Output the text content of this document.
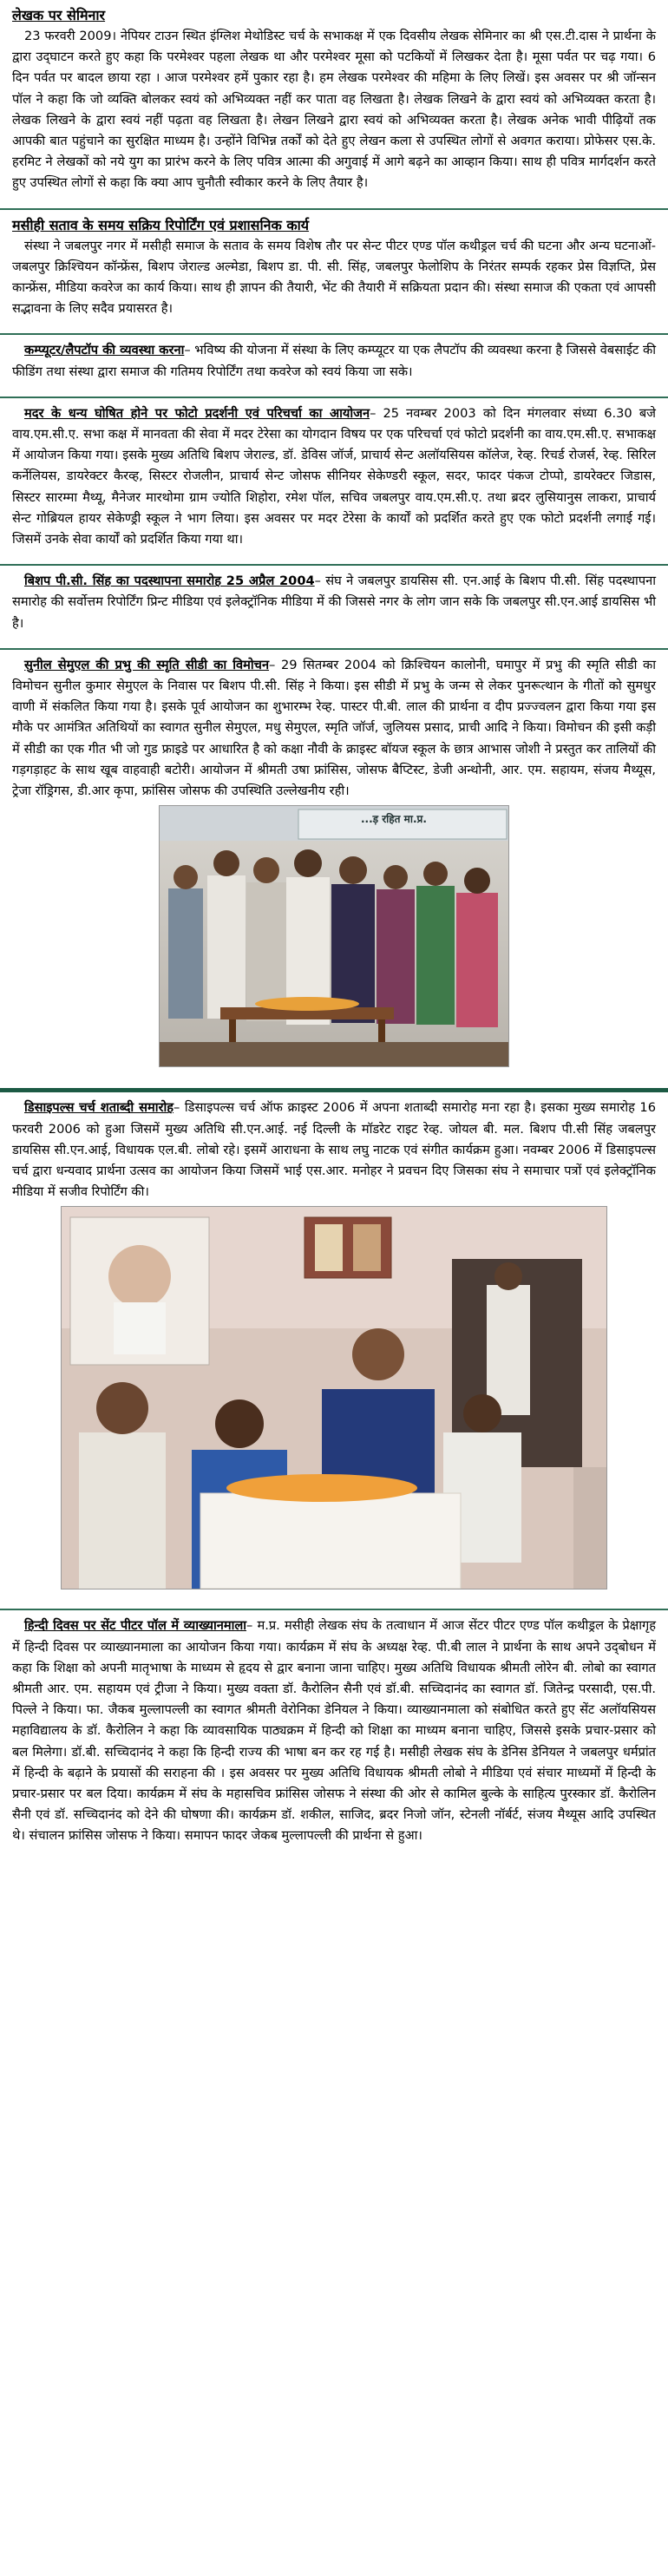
लेखक पर सेमिनार
23 फरवरी 2009। नेपियर टाउन स्थित इंग्लिश मेथोडिस्ट चर्च के सभाकक्ष में एक दिवसीय लेखक सेमिनार का श्री एस.टी.दास ने प्रार्थना के द्वारा उद्‌घाटन करते हुए कहा कि परमेश्वर पहला लेखक था और परमेश्वर मूसा को पटकियों में लिखकर देता है। मूसा पर्वत पर चढ़ गया। 6 दिन पर्वत पर बादल छाया रहा । आज परमेश्वर हमें पुकार रहा है। हम लेखक परमेश्वर की महिमा के लिए लिखें। इस अवसर पर श्री जॉन्सन पॉल ने कहा कि जो व्यक्ति बोलकर स्वयं को अभिव्यक्त नहीं कर पाता वह लिखता है। लेखक लिखने के द्वारा स्वयं को अभिव्यक्त करता है। लेखक लिखने के द्वारा स्वयं नहीं पढ़ता वह लिखता है। लेखन लिखने द्वारा स्वयं को अभिव्यक्त करता है। लेखक अनेक भावी पीढ़ियों तक आपकी बात पहुंचाने का सुरक्षित माध्यम है। उन्होंने विभिन्न तर्कों को देते हुए लेखन कला से उपस्थित लोगों से अवगत कराया। प्रोफेसर एस.के. हरमिट ने लेखकों को नये युग का प्रारंभ करने के लिए पवित्र आत्मा की अगुवाई में आगे बढ़ने का आव्हान किया। साथ ही पवित्र मार्गदर्शन करते हुए उपस्थित लोगों से कहा कि क्या आप चुनौती स्वीकार करने के लिए तैयार है।
मसीही सताव के समय सक्रिय रिपोर्टिंग एवं प्रशासनिक कार्य
संस्था ने जबलपुर नगर में मसीही समाज के सताव के समय विशेष तौर पर सेन्ट पीटर एण्ड पॉल कथीड्रल चर्च की घटना और अन्य घटनाओं-जबलपुर क्रिश्चियन कॉन्फ्रेंस, बिशप जेराल्ड अल्मेडा, बिशप डा. पी. सी. सिंह, जबलपुर फेलोशिप के निरंतर सम्पर्क रहकर प्रेस विज्ञप्ति, प्रेस कान्फ्रेंस, मीडिया कवरेज का कार्य किया। साथ ही ज्ञापन की तैयारी, भेंट की तैयारी में सक्रियता प्रदान की। संस्था समाज की एकता एवं आपसी सद्भावना के लिए सदैव प्रयासरत है।
कम्प्यूटर/लैपटॉप की व्यवस्था करना– भविष्य की योजना में संस्था के लिए कम्प्यूटर या एक लैपटॉप की व्यवस्था करना है जिससे वेबसाईट की फीडिंग तथा संस्था द्वारा समाज की गतिमय रिपोर्टिंग तथा कवरेज को स्वयं किया जा सके।
मदर के धन्य घोषित होने पर फोटो प्रदर्शनी एवं परिचर्चा का आयोजन– 25 नवम्बर 2003 को दिन मंगलवार संध्या 6.30 बजे वाय.एम.सी.ए. सभा कक्ष में मानवता की सेवा में मदर टेरेसा का योगदान विषय पर एक परिचर्चा एवं फोटो प्रदर्शनी का वाय.एम.सी.ए. सभाकक्ष में आयोजन किया गया। इसके मुख्य अतिथि बिशप जेराल्ड, डॉ. डेविस जॉर्ज, प्राचार्य सेन्ट अलॉयसियस कॉलेज, रेव्ह. रिचर्ड रोजर्स, रेव्ह. सिरिल कर्नेलियस, डायरेक्टर कैरव्ह, सिस्टर रोजलीन, प्राचार्य सेन्ट जोसफ सीनियर सेकेण्डरी स्कूल, सदर, फादर पंकज टोप्पो, डायरेक्टर जिडास, सिस्टर सारम्मा मैथ्यू, मैनेजर मारथोमा ग्राम ज्योति शिहोरा, रमेश पॉल, सचिव जबलपुर वाय.एम.सी.ए. तथा ब्रदर लुसियानुस लाकरा, प्राचार्य सेन्ट गोब्रियल हायर सेकेण्ड्री स्कूल ने भाग लिया। इस अवसर पर मदर टेरेसा के कार्यों को प्रदर्शित करते हुए एक फोटो प्रदर्शनी लगाई गई। जिसमें उनके सेवा कार्यों को प्रदर्शित किया गया था।
बिशप पी.सी. सिंह का पदस्थापना समारोह 25 अप्रैल 2004– संघ ने जबलपुर डायसिस सी. एन.आई के बिशप पी.सी. सिंह पदस्थापना समारोह की सर्वोत्तम रिपोर्टिंग प्रिन्ट मीडिया एवं इलेक्ट्रॉनिक मीडिया में की जिससे नगर के लोग जान सके कि जबलपुर सी.एन.आई डायसिस भी है।
सुनील सेमुएल की प्रभु की स्मृति सीडी का विमोचन– 29 सितम्बर 2004 को क्रिश्चियन कालोनी, घमापुर में प्रभु की स्मृति सीडी का विमोचन सुनील कुमार सेमुएल के निवास पर बिशप पी.सी. सिंह ने किया। इस सीडी में प्रभु के जन्म से लेकर पुनरूत्थान के गीतों को सुमधुर वाणी में संकलित किया गया है। इसके पूर्व आयोजन का शुभारम्भ रेव्ह. पास्टर पी.बी. लाल की प्रार्थना व दीप प्रज्ज्वलन द्वारा किया गया इस मौके पर आमंत्रित अतिथियों का स्वागत सुनील सेमुएल, मधु सेमुएल, स्मृति जॉर्ज, जुलियस प्रसाद, प्राची आदि ने किया। विमोचन की इसी कड़ी में सीडी का एक गीत भी जो गुड फ्राइडे पर आधारित है को कक्षा नौवी के क्राइस्ट बॉयज स्कूल के छात्र आभास जोशी ने प्रस्तुत कर तालियों की गड़गड़ाहट के साथ खूब वाहवाही बटोरी। आयोजन में श्रीमती उषा फ्रांसिस, जोसफ बैप्टिस्ट, डेजी अन्थोनी, आर. एम. सहायम, संजय मैथ्यूस, ट्रेजा रॉड्रिगस, डी.आर कृपा, फ्रांसिस जोसफ की उपस्थिति उल्लेखनीय रही।
...ड़ रहित मा.प्र.
डिसाइपल्स चर्च शताब्दी समारोह– डिसाइपल्स चर्च ऑफ क्राइस्ट 2006 में अपना शताब्दी समारोह मना रहा है। इसका मुख्य समारोह 16 फरवरी 2006 को हुआ जिसमें मुख्य अतिथि सी.एन.आई. नई दिल्ली के मॉडरेट राइट रेव्ह. जोयल बी. मल. बिशप पी.सी सिंह जबलपुर डायसिस सी.एन.आई, विधायक एल.बी. लोबो रहे। इसमें आराधना के साथ लघु नाटक एवं संगीत कार्यक्रम हुआ। नवम्बर 2006 में डिसाइपल्स चर्च द्वारा धन्यवाद प्रार्थना उत्सव का आयोजन किया जिसमें भाई एस.आर. मनोहर ने प्रवचन दिए जिसका संघ ने समाचार पत्रों एवं इलेक्ट्रॉनिक मीडिया में सजीव रिपोर्टिंग की।
हिन्दी दिवस पर सेंट पीटर पॉल में व्याख्यानमाला– म.प्र. मसीही लेखक संघ के तत्वाधान में आज सेंटर पीटर एण्ड पॉल कथीड्रल के प्रेक्षागृह में हिन्दी दिवस पर व्याख्यानमाला का आयोजन किया गया। कार्यक्रम में संघ के अध्यक्ष रेव्ह. पी.बी लाल ने प्रार्थना के साथ अपने उद्‌बोधन में कहा कि शिक्षा को अपनी मातृभाषा के माध्यम से हृदय से द्वार बनाना जाना चाहिए। मुख्य अतिथि विधायक श्रीमती लोरेन बी. लोबो का स्वागत श्रीमती आर. एम. सहायम एवं ट्रीजा ने किया। मुख्य वक्ता डॉ. कैरोलिन सैनी एवं डॉ.बी. सच्चिदानंद का स्वागत डॉ. जितेन्द्र परसादी, एस.पी. पिल्ले ने किया। फा. जैकब मुल्लापल्ली का स्वागत श्रीमती वेरोनिका डेनियल ने किया। व्याख्यानमाला को संबोधित करते हुए सेंट अलॉयसियस महाविद्यालय के डॉ. कैरोलिन ने कहा कि व्यावसायिक पाठ्यक्रम में हिन्दी को शिक्षा का माध्यम बनाना चाहिए, जिससे इसके प्रचार-प्रसार को बल मिलेगा। डॉ.बी. सच्चिदानंद ने कहा कि हिन्दी राज्य की भाषा बन कर रह गई है। मसीही लेखक संघ के डेनिस डेनियल ने जबलपुर धर्मप्रांत में हिन्दी के बढ़ाने के प्रयासों की सराहना की । इस अवसर पर मुख्य अतिथि विधायक श्रीमती लोबो ने मीडिया एवं संचार माध्यमों में हिन्दी के प्रचार-प्रसार पर बल दिया। कार्यक्रम में संघ के महासचिव फ्रांसिस जोसफ ने संस्था की ओर से कामिल बुल्के के साहित्य पुरस्कार डॉ. कैरोलिन सैनी एवं डॉ. सच्चिदानंद को देने की घोषणा की। कार्यक्रम डॉ. शकील, साजिद, ब्रदर निजो जॉन, स्टेनली नॉर्बर्ट, संजय मैथ्यूस आदि उपस्थित थे। संचालन फ्रांसिस जोसफ ने किया। समापन फादर जेकब मुल्लापल्ली की प्रार्थना से हुआ।
